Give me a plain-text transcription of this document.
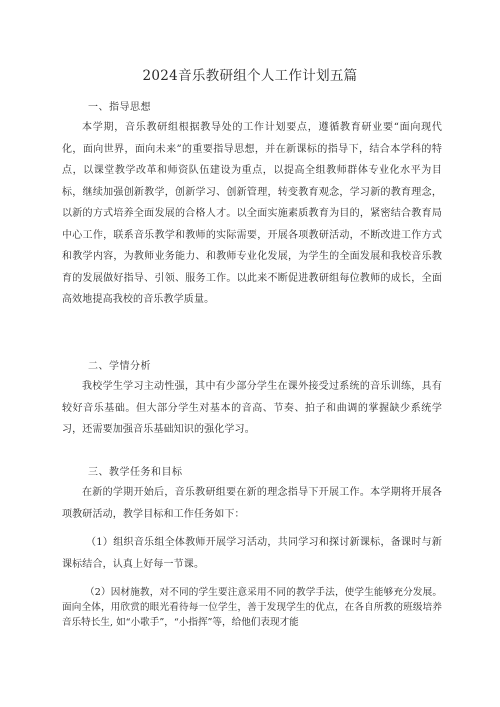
2024音乐教研组个人工作计划五篇
一、指导思想
本学期，音乐教研组根据教导处的工作计划要点，遵循教育研业要“面向现代化，面向世界，面向未来”的重要指导思想，并在新课标的指导下，结合本学科的特点，以课堂教学改革和师资队伍建设为重点，以提高全组教师群体专业化水平为目标，继续加强创新教学，创新学习、创新管理，转变教育观念，学习新的教育理念，以新的方式培养全面发展的合格人才。以全面实施素质教育为目的，紧密结合教育局中心工作，联系音乐教学和教师的实际需要，开展各项教研活动，不断改进工作方式和教学内容，为教师业务能力、和教师专业化发展，为学生的全面发展和我校音乐教育的发展做好指导、引领、服务工作。以此来不断促进教研组每位教师的成长，全面高效地提高我校的音乐教学质量。
二、学情分析
我校学生学习主动性强，其中有少部分学生在课外接受过系统的音乐训练，具有较好音乐基础。但大部分学生对基本的音高、节奏、拍子和曲调的掌握缺少系统学习，还需要加强音乐基础知识的强化学习。
三、教学任务和目标
在新的学期开始后，音乐教研组要在新的理念指导下开展工作。本学期将开展各项教研活动，教学目标和工作任务如下：
（1）组织音乐组全体教师开展学习活动，共同学习和探讨新课标，备课时与新课标结合，认真上好每一节课。
（2）因材施教，对不同的学生要注意采用不同的教学手法，使学生能够充分发展。面向全体，用欣赏的眼光看待每一位学生，善于发现学生的优点，在各自所教的班级培养音乐特长生, 如“小歌手”，“小指挥”等，给他们表现才能
